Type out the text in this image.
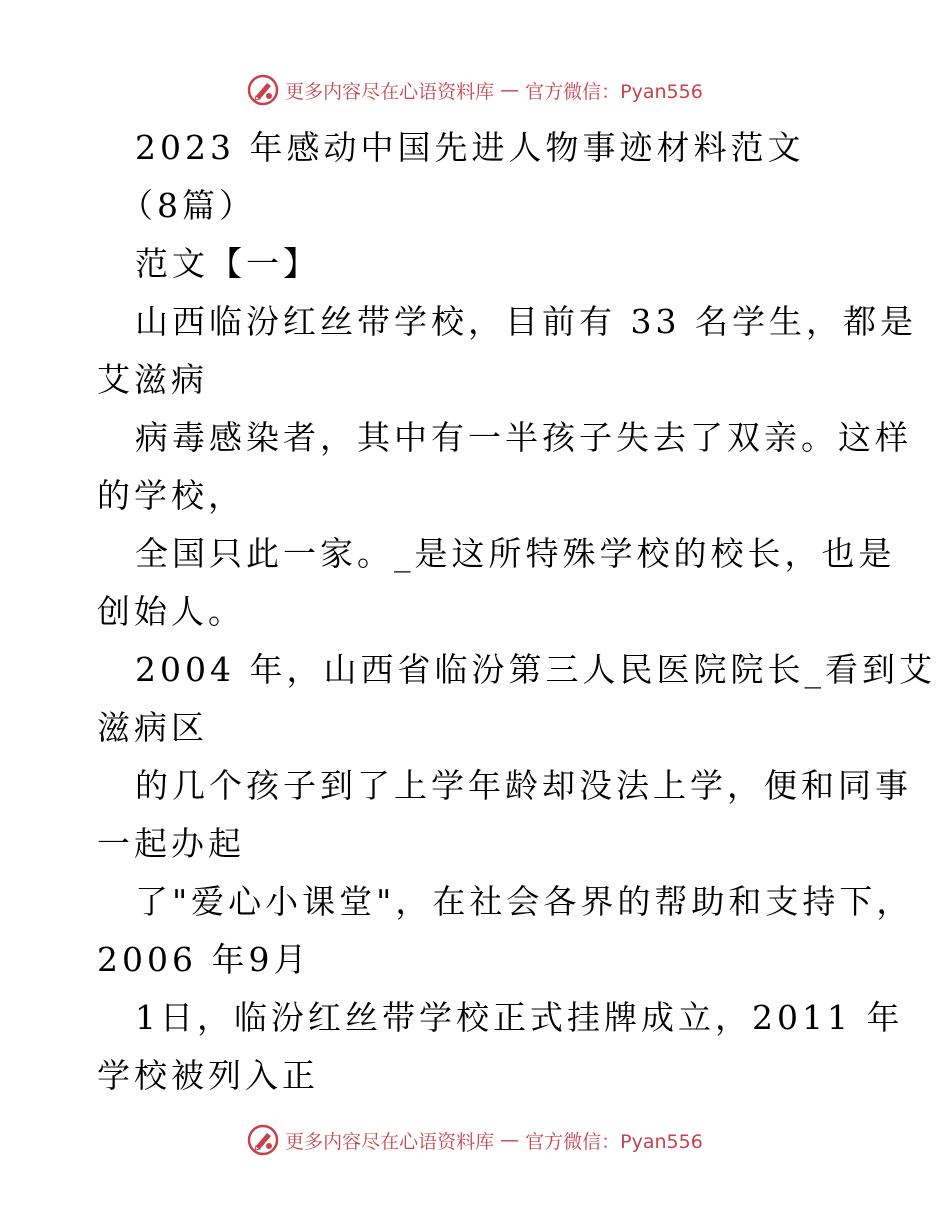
更多内容尽在心语资料库 — 官方微信：Pyan556
2023 年感动中国先进人物事迹材料范文
（8篇）
范文【一】
山西临汾红丝带学校，目前有 33 名学生，都是
艾滋病
病毒感染者，其中有一半孩子失去了双亲。这样
的学校，
全国只此一家。_是这所特殊学校的校长，也是
创始人。
2004 年，山西省临汾第三人民医院院长_看到艾
滋病区
的几个孩子到了上学年龄却没法上学，便和同事
一起办起
了"爱心小课堂"，在社会各界的帮助和支持下，
2006 年9月
1日，临汾红丝带学校正式挂牌成立，2011 年
学校被列入正
更多内容尽在心语资料库 — 官方微信：Pyan556
